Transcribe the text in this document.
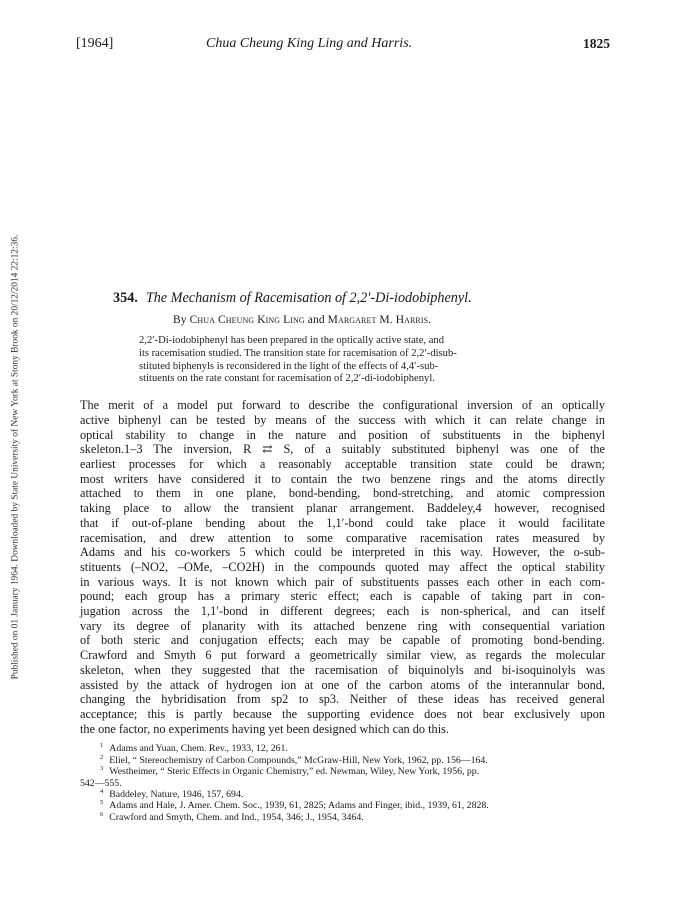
Published on 01 January 1964. Downloaded by State University of New York at Stony Brook on 20/12/2014 22:12:36.
[1964]	Chua Cheung King Ling and Harris.	1825
354. The Mechanism of Racemisation of 2,2′-Di-iodobiphenyl.
By Chua Cheung King Ling and Margaret M. Harris.
2,2′-Di-iodobiphenyl has been prepared in the optically active state, and
its racemisation studied. The transition state for racemisation of 2,2′-disub-
stituted biphenyls is reconsidered in the light of the effects of 4,4′-sub-
stituents on the rate constant for racemisation of 2,2′-di-iodobiphenyl.
The merit of a model put forward to describe the configurational inversion of an optically
active biphenyl can be tested by means of the success with which it can relate change in
optical stability to change in the nature and position of substituents in the biphenyl
skeleton.1–3 The inversion, R ⇄ S, of a suitably substituted biphenyl was one of the
earliest processes for which a reasonably acceptable transition state could be drawn;
most writers have considered it to contain the two benzene rings and the atoms directly
attached to them in one plane, bond-bending, bond-stretching, and atomic compression
taking place to allow the transient planar arrangement. Baddeley,4 however, recognised
that if out-of-plane bending about the 1,1′-bond could take place it would facilitate
racemisation, and drew attention to some comparative racemisation rates measured by
Adams and his co-workers 5 which could be interpreted in this way. However, the o-sub-
stituents (–NO2, –OMe, –CO2H) in the compounds quoted may affect the optical stability
in various ways. It is not known which pair of substituents passes each other in each com-
pound; each group has a primary steric effect; each is capable of taking part in con-
jugation across the 1,1′-bond in different degrees; each is non-spherical, and can itself
vary its degree of planarity with its attached benzene ring with consequential variation
of both steric and conjugation effects; each may be capable of promoting bond-bending.
Crawford and Smyth 6 put forward a geometrically similar view, as regards the molecular
skeleton, when they suggested that the racemisation of biquinolyls and bi-isoquinolyls was
assisted by the attack of hydrogen ion at one of the carbon atoms of the interannular bond,
changing the hybridisation from sp2 to sp3. Neither of these ideas has received general
acceptance; this is partly because the supporting evidence does not bear exclusively upon
the one factor, no experiments having yet been designed which can do this.
$^1$ Adams and Yuan, Chem. Rev., 1933, 12, 261.
$^2$ Eliel, “ Stereochemistry of Carbon Compounds,” McGraw-Hill, New York, 1962, pp. 156—164.
$^3$ Westheimer, “ Steric Effects in Organic Chemistry,” ed. Newman, Wiley, New York, 1956, pp.
542—555.
$^4$ Baddeley, Nature, 1946, 157, 694.
$^5$ Adams and Hale, J. Amer. Chem. Soc., 1939, 61, 2825; Adams and Finger, ibid., 1939, 61, 2828.
$^6$ Crawford and Smyth, Chem. and Ind., 1954, 346; J., 1954, 3464.
